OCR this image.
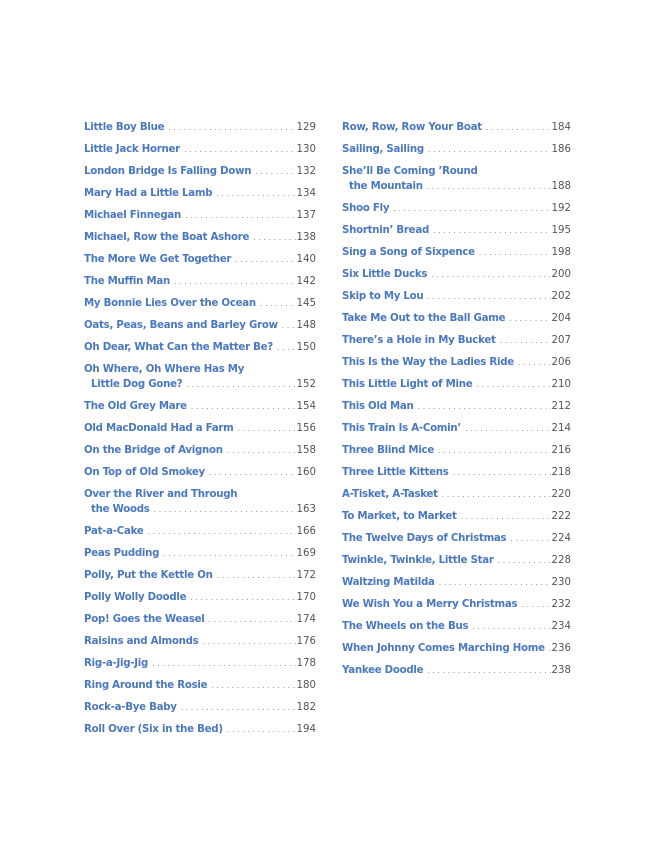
Little Boy Blue . . .	129
Little Jack Horner . . .	130
London Bridge Is Falling Down . . .	132
Mary Had a Little Lamb . . .	134
Michael Finnegan . . .	137
Michael, Row the Boat Ashore . . .	138
The More We Get Together . . .	140
The Muffin Man . . .	142
My Bonnie Lies Over the Ocean . . .	145
Oats, Peas, Beans and Barley Grow . . . 148
Oh Dear, What Can the Matter Be? . . . 150
Oh Where, Oh Where Has My
Little Dog Gone? . . .	152
The Old Grey Mare . . .	154
Old MacDonald Had a Farm . . .	156
On the Bridge of Avignon . . .	158
On Top of Old Smokey . . .	160
Over the River and Through
the Woods . . .	163
Pat-a-Cake . . .	166
Peas Pudding . . .	169
Polly, Put the Kettle On . . .	172
Polly Wolly Doodle . . .	170
Pop! Goes the Weasel . . .	174
Raisins and Almonds . . .	176
Rig-a-Jig-Jig . . .	178
Ring Around the Rosie . . .	180
Rock-a-Bye Baby . . .	182
Roll Over (Six in the Bed) . . .	194
Row, Row, Row Your Boat . . .	184
Sailing, Sailing . . .	186
She’ll Be Coming ’Round
the Mountain . . .	188
Shoo Fly . . .	192
Shortnin’ Bread . . .	195
Sing a Song of Sixpence . . .	198
Six Little Ducks . . .	200
Skip to My Lou . . .	202
Take Me Out to the Ball Game . . .	204
There’s a Hole in My Bucket . . .	207
This Is the Way the Ladies Ride . . .	206
This Little Light of Mine . . .	210
This Old Man . . .	212
This Train Is A-Comin’ . . .	214
Three Blind Mice . . .	216
Three Little Kittens . . .	218
A-Tisket, A-Tasket . . .	220
To Market, to Market . . .	222
The Twelve Days of Christmas . . .	224
Twinkle, Twinkle, Little Star . . .	228
Waltzing Matilda . . .	230
We Wish You a Merry Christmas . . .	232
The Wheels on the Bus . . .	234
When Johnny Comes Marching Home . . . 236
Yankee Doodle . . .	238
